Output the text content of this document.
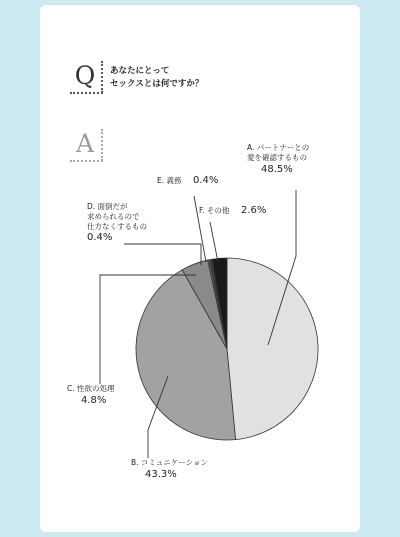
Q	あなたにとって
セックスとは何ですか？
A	A. パートナーとの
愛を確認するもの
48.5%
B. コミュニケーション
43.3%
C. 性欲の処理
4.8%
D. 面倒だが
求められるので
仕方なくするもの
0.4%
E. 義務 0.4%
F. その他 2.6%
